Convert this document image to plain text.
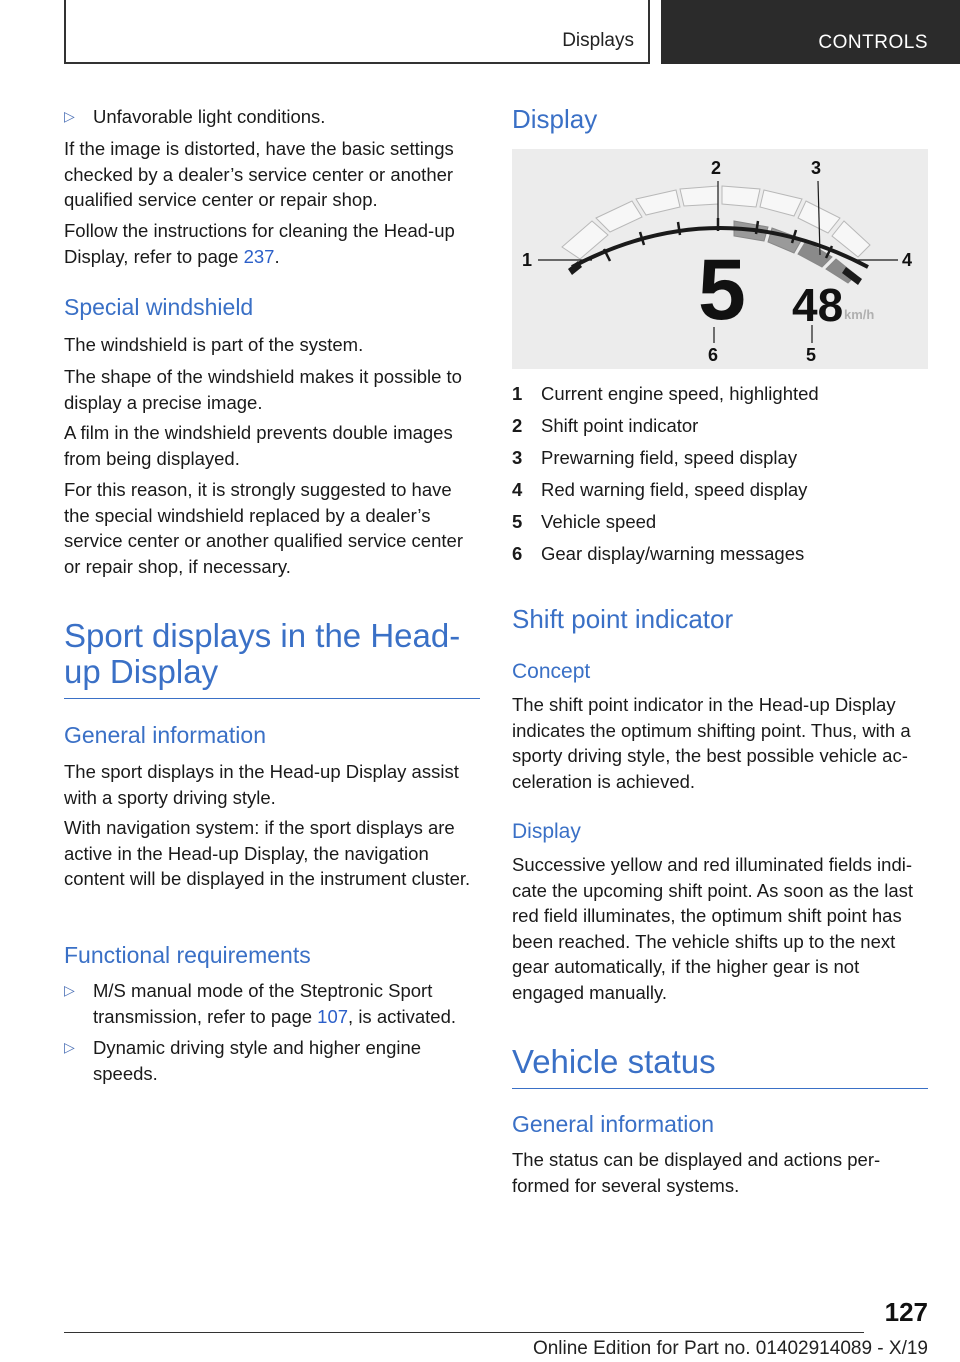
Displays	CONTROLS

▷ Unfavorable light conditions.

If the image is distorted, have the basic settings checked by a dealer’s service center or another qualified service center or repair shop.

Follow the instructions for cleaning the Head-up Display, refer to page 237.

Special windshield

The windshield is part of the system.

The shape of the windshield makes it possible to display a precise image.

A film in the windshield prevents double images from being displayed.

For this reason, it is strongly suggested to have the special windshield replaced by a dealer’s service center or another qualified service center or repair shop, if necessary.

Sport displays in the Head-up Display
General information

The sport displays in the Head-up Display assist with a sporty driving style.

With navigation system: if the sport displays are active in the Head-up Display, the navigation content will be displayed in the instrument cluster.

Functional requirements

▷ M/S manual mode of the Steptronic Sport transmission, refer to page 107, is activated.

▷ Dynamic driving style and higher engine speeds.

Display
5 48 km/h
1
2	3
4
5
6
1	Current engine speed, highlighted
2	Shift point indicator
3	Prewarning field, speed display
4	Red warning field, speed display
5	Vehicle speed
6	Gear display/warning messages
Shift point indicator
Concept

The shift point indicator in the Head-up Display indicates the optimum shifting point. Thus, with a sporty driving style, the best possible vehicle acceleration is achieved.

Display

Successive yellow and red illuminated fields indicate the upcoming shift point. As soon as the last red field illuminates, the optimum shift point has been reached. The vehicle shifts up to the next gear automatically, if the higher gear is not engaged manually.

Vehicle status
General information

The status can be displayed and actions performed for several systems.

127
Online Edition for Part no. 01402914089 - X/19
